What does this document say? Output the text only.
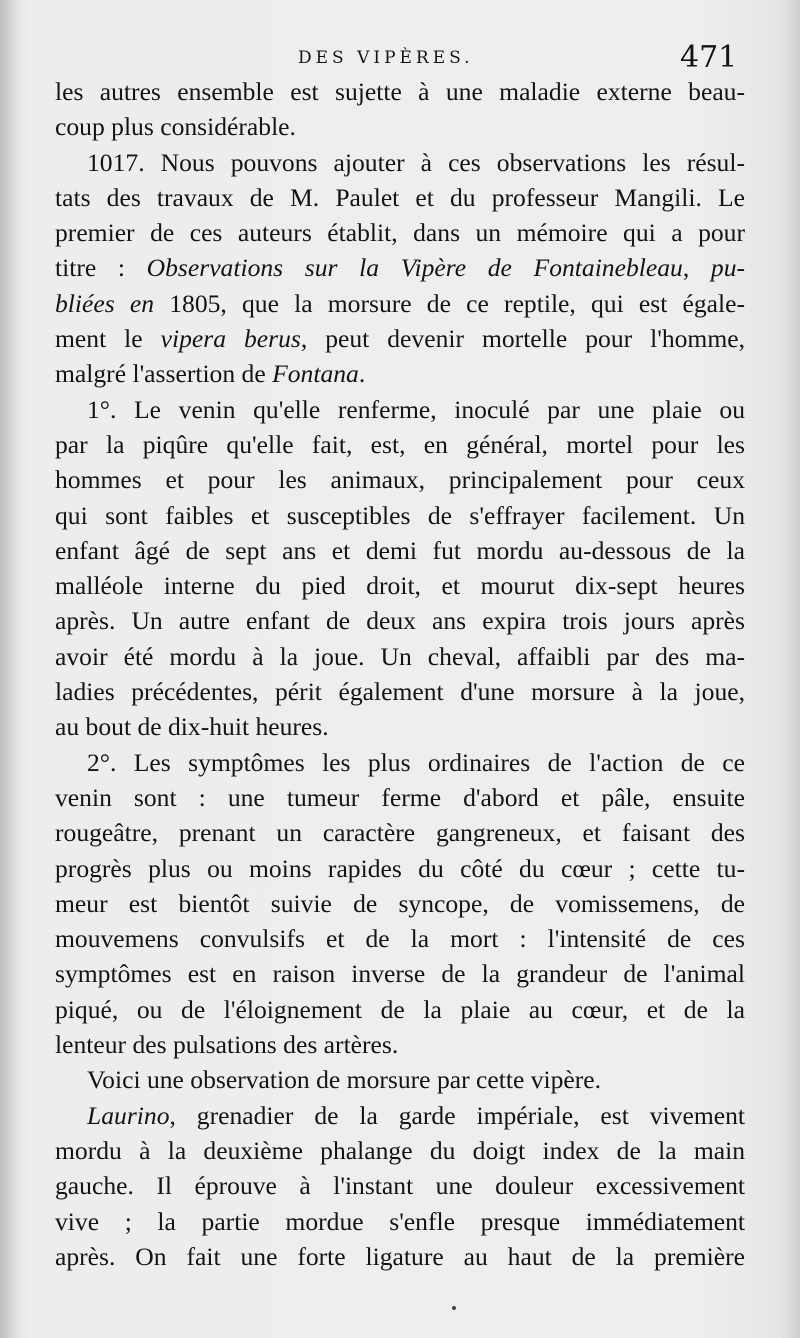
DES VIPÈRES.	471
les autres ensemble est sujette à une maladie externe beau-
coup plus considérable.
1017. Nous pouvons ajouter à ces observations les résul-
tats des travaux de M. Paulet et du professeur Mangili. Le
premier de ces auteurs établit, dans un mémoire qui a pour
titre : Observations sur la Vipère de Fontainebleau, pu-
bliées en 1805, que la morsure de ce reptile, qui est égale-
ment le vipera berus, peut devenir mortelle pour l'homme,
malgré l'assertion de Fontana.
1°. Le venin qu'elle renferme, inoculé par une plaie ou
par la piqûre qu'elle fait, est, en général, mortel pour les
hommes et pour les animaux, principalement pour ceux
qui sont faibles et susceptibles de s'effrayer facilement. Un
enfant âgé de sept ans et demi fut mordu au-dessous de la
malléole interne du pied droit, et mourut dix-sept heures
après. Un autre enfant de deux ans expira trois jours après
avoir été mordu à la joue. Un cheval, affaibli par des ma-
ladies précédentes, périt également d'une morsure à la joue,
au bout de dix-huit heures.
2°. Les symptômes les plus ordinaires de l'action de ce
venin sont : une tumeur ferme d'abord et pâle, ensuite
rougeâtre, prenant un caractère gangreneux, et faisant des
progrès plus ou moins rapides du côté du cœur ; cette tu-
meur est bientôt suivie de syncope, de vomissemens, de
mouvemens convulsifs et de la mort : l'intensité de ces
symptômes est en raison inverse de la grandeur de l'animal
piqué, ou de l'éloignement de la plaie au cœur, et de la
lenteur des pulsations des artères.
Voici une observation de morsure par cette vipère.
Laurino, grenadier de la garde impériale, est vivement
mordu à la deuxième phalange du doigt index de la main
gauche. Il éprouve à l'instant une douleur excessivement
vive ; la partie mordue s'enfle presque immédiatement
après. On fait une forte ligature au haut de la première
